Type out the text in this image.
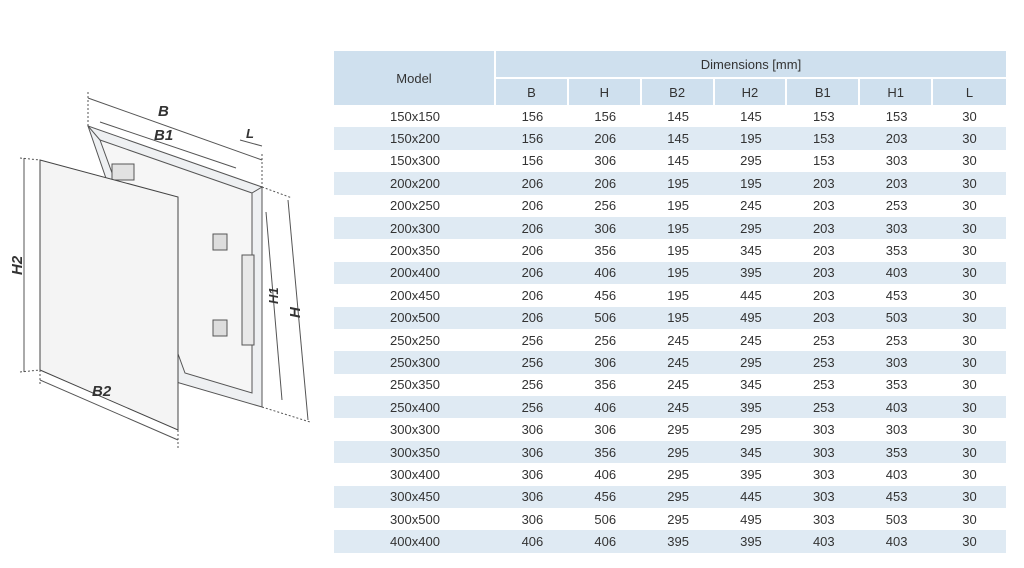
B
B1	L
H
H1
H2
B2
Model	Dimensions [mm]						
	B	H	B2	H2	B1	H1	L
150x150	156	156	145	145	153	153	30
150x200	156	206	145	195	153	203	30
150x300	156	306	145	295	153	303	30
200x200	206	206	195	195	203	203	30
200x250	206	256	195	245	203	253	30
200x300	206	306	195	295	203	303	30
200x350	206	356	195	345	203	353	30
200x400	206	406	195	395	203	403	30
200x450	206	456	195	445	203	453	30
200x500	206	506	195	495	203	503	30
250x250	256	256	245	245	253	253	30
250x300	256	306	245	295	253	303	30
250x350	256	356	245	345	253	353	30
250x400	256	406	245	395	253	403	30
300x300	306	306	295	295	303	303	30
300x350	306	356	295	345	303	353	30
300x400	306	406	295	395	303	403	30
300x450	306	456	295	445	303	453	30
300x500	306	506	295	495	303	503	30
400x400	406	406	395	395	403	403	30
